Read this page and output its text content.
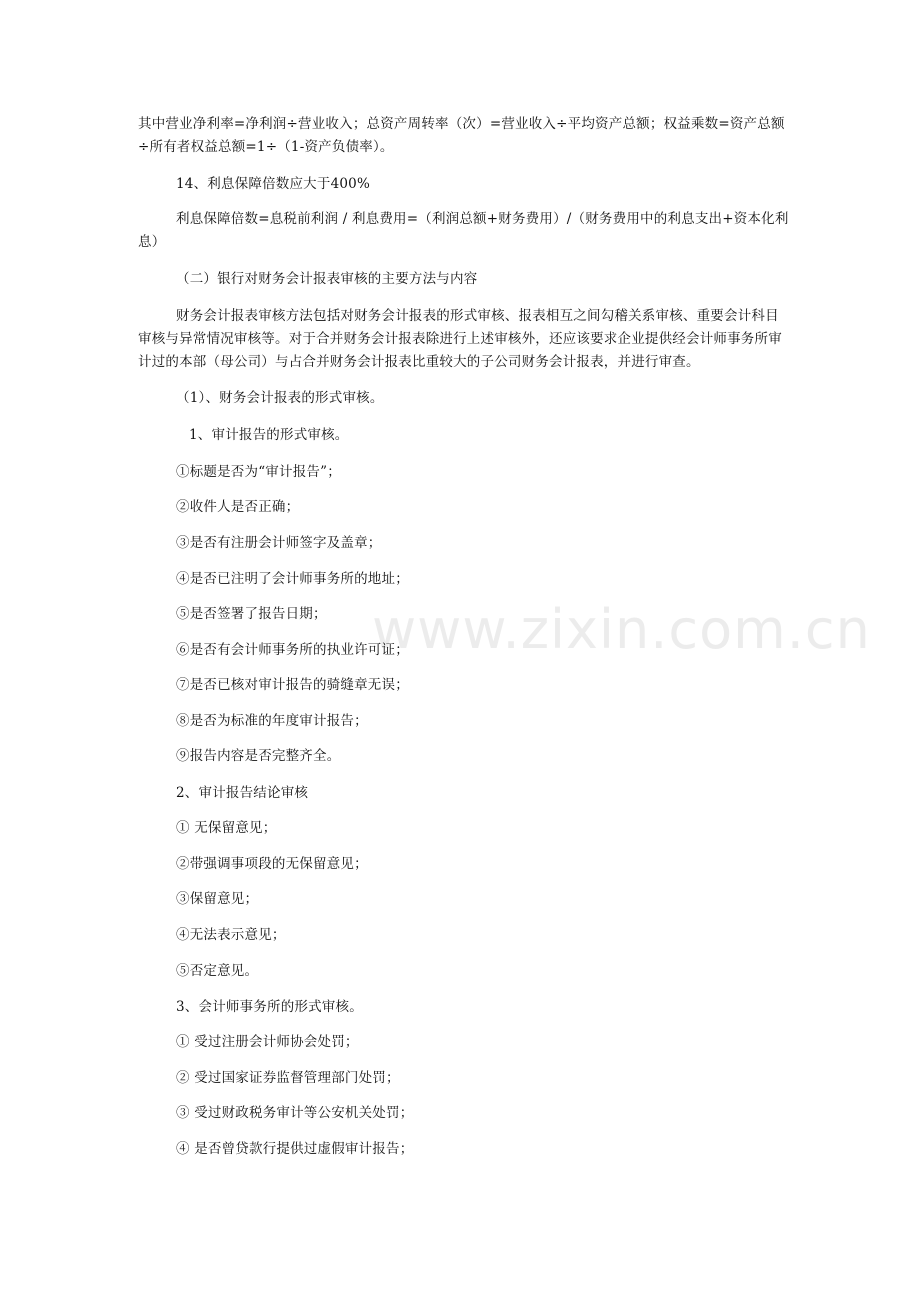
www.zixin.com.cn
其中营业净利率=净利润÷营业收入；总资产周转率（次）=营业收入÷平均资产总额；权益乘数=资产总额÷所有者权益总额=1÷（1-资产负债率）。
14、利息保障倍数应大于400%
利息保障倍数=息税前利润 / 利息费用=（利润总额+财务费用）/（财务费用中的利息支出+资本化利息）
（二）银行对财务会计报表审核的主要方法与内容
财务会计报表审核方法包括对财务会计报表的形式审核、报表相互之间勾稽关系审核、重要会计科目审核与异常情况审核等。对于合并财务会计报表除进行上述审核外，还应该要求企业提供经会计师事务所审计过的本部（母公司）与占合并财务会计报表比重较大的子公司财务会计报表，并进行审查。
（1）、财务会计报表的形式审核。
1、审计报告的形式审核。
①标题是否为“审计报告”；
②收件人是否正确；
③是否有注册会计师签字及盖章；
④是否已注明了会计师事务所的地址；
⑤是否签署了报告日期；
⑥是否有会计师事务所的执业许可证；
⑦是否已核对审计报告的骑缝章无误；
⑧是否为标准的年度审计报告；
⑨报告内容是否完整齐全。
2、审计报告结论审核
① 无保留意见；
②带强调事项段的无保留意见；
③保留意见；
④无法表示意见；
⑤否定意见。
3、会计师事务所的形式审核。
① 受过注册会计师协会处罚；
② 受过国家证券监督管理部门处罚；
③ 受过财政税务审计等公安机关处罚；
④ 是否曾贷款行提供过虚假审计报告；
